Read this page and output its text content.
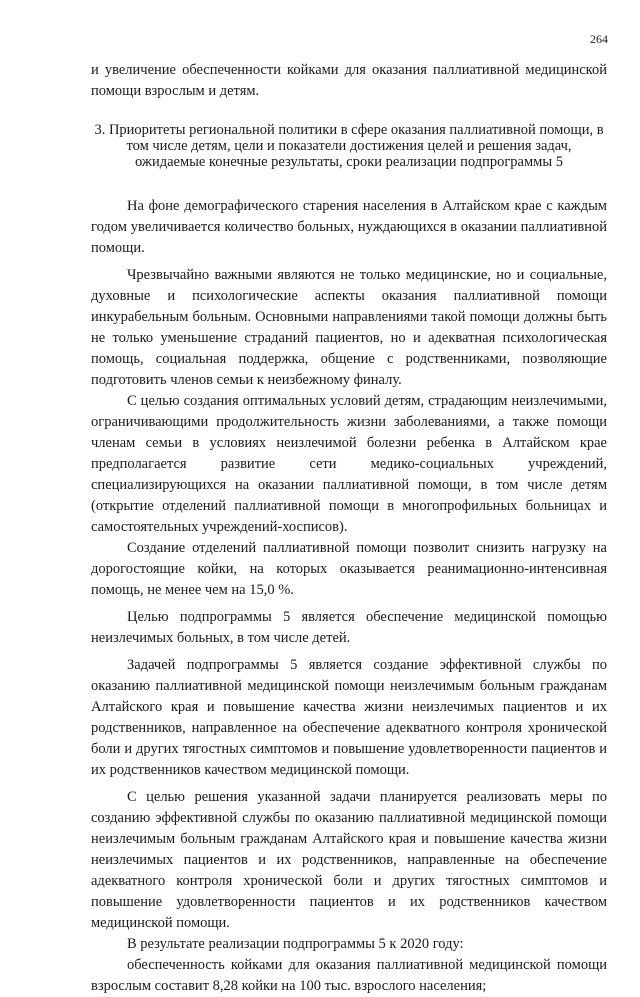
264

и увеличение обеспеченности койками для оказания паллиативной медицинской помощи взрослым и детям.

3. Приоритеты региональной политики в сфере оказания паллиативной помощи, в том числе детям, цели и показатели достижения целей и решения задач, ожидаемые конечные результаты, сроки реализации подпрограммы 5

На фоне демографического старения населения в Алтайском крае с каждым годом увеличивается количество больных, нуждающихся в оказании паллиативной помощи.

Чрезвычайно важными являются не только медицинские, но и социальные, духовные и психологические аспекты оказания паллиативной помощи инкурабельным больным. Основными направлениями такой помощи должны быть не только уменьшение страданий пациентов, но и адекватная психологическая помощь, социальная поддержка, общение с родственниками, позволяющие подготовить членов семьи к неизбежному финалу.

С целью создания оптимальных условий детям, страдающим неизлечимыми, ограничивающими продолжительность жизни заболеваниями, а также помощи членам семьи в условиях неизлечимой болезни ребенка в Алтайском крае предполагается развитие сети медико-социальных учреждений, специализирующихся на оказании паллиативной помощи, в том числе детям (открытие отделений паллиативной помощи в многопрофильных больницах и самостоятельных учреждений-хосписов).

Создание отделений паллиативной помощи позволит снизить нагрузку на дорогостоящие койки, на которых оказывается реанимационно-интенсивная помощь, не менее чем на 15,0 %.

Целью подпрограммы 5 является обеспечение медицинской помощью неизлечимых больных, в том числе детей.

Задачей подпрограммы 5 является создание эффективной службы по оказанию паллиативной медицинской помощи неизлечимым больным гражданам Алтайского края и повышение качества жизни неизлечимых пациентов и их родственников, направленное на обеспечение адекватного контроля хронической боли и других тягостных симптомов и повышение удовлетворенности пациентов и их родственников качеством медицинской помощи.

С целью решения указанной задачи планируется реализовать меры по созданию эффективной службы по оказанию паллиативной медицинской помощи неизлечимым больным гражданам Алтайского края и повышение качества жизни неизлечимых пациентов и их родственников, направленные на обеспечение адекватного контроля хронической боли и других тягостных симптомов и повышение удовлетворенности пациентов и их родственников качеством медицинской помощи.

В результате реализации подпрограммы 5 к 2020 году:

обеспеченность койками для оказания паллиативной медицинской помощи взрослым составит 8,28 койки на 100 тыс. взрослого населения;
